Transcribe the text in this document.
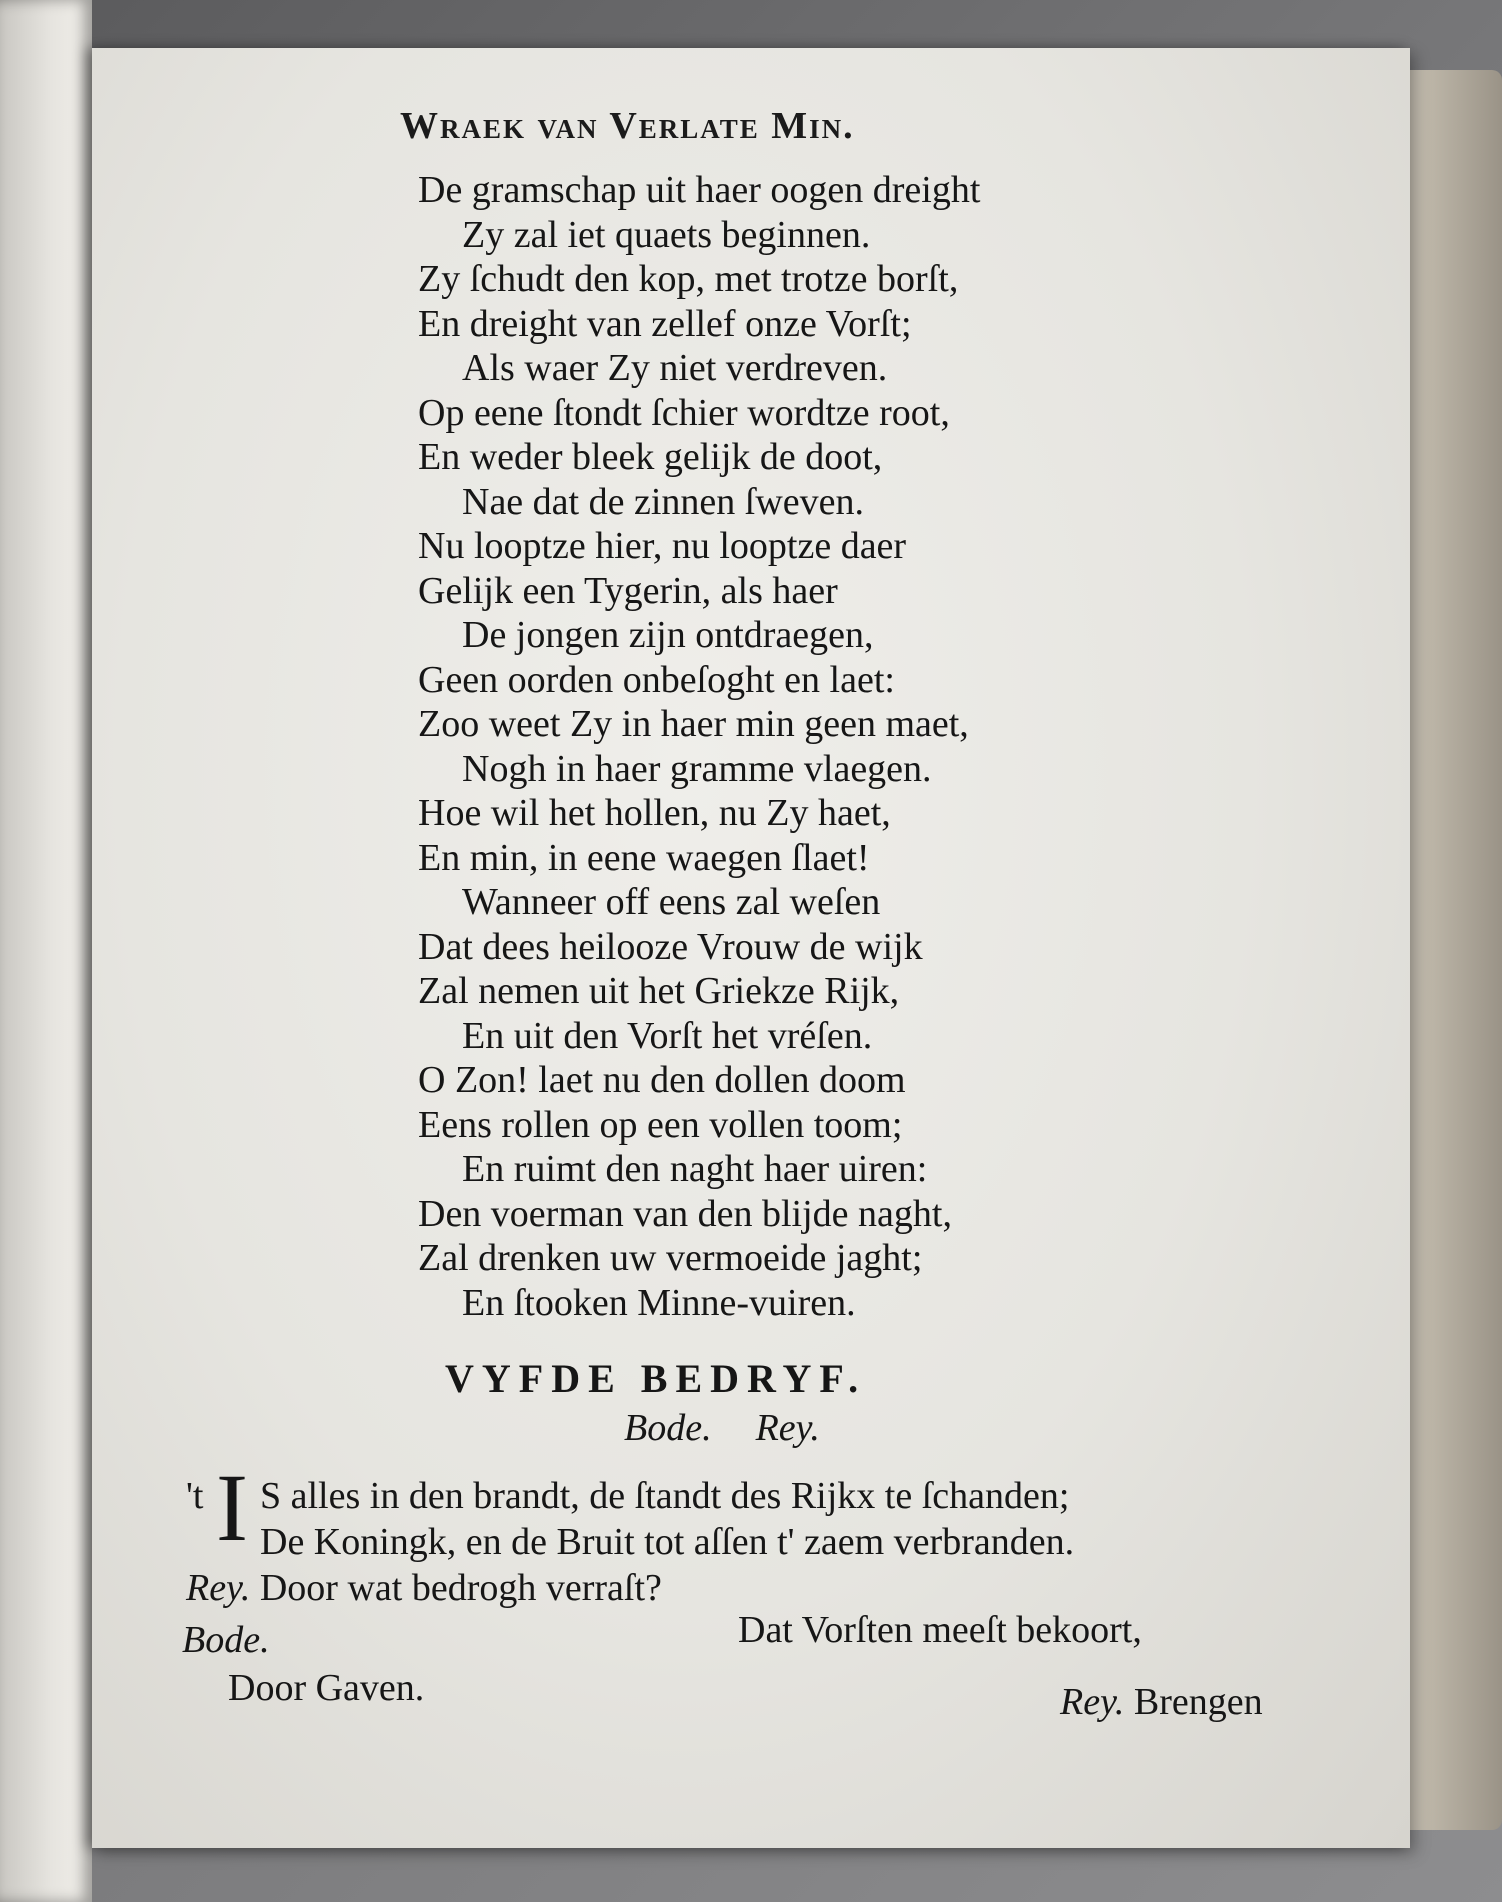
Wraek van Verlate Min.
De gramschap uit haer oogen dreight
Zy zal iet quaets beginnen.
Zy ſchudt den kop, met trotze borſt,
En dreight van zellef onze Vorſt;
Als waer Zy niet verdreven.
Op eene ſtondt ſchier wordtze root,
En weder bleek gelijk de doot,
Nae dat de zinnen ſweven.
Nu looptze hier, nu looptze daer
Gelijk een Tygerin, als haer
De jongen zijn ontdraegen,
Geen oorden onbeſoght en laet:
Zoo weet Zy in haer min geen maet,
Nogh in haer gramme vlaegen.
Hoe wil het hollen, nu Zy haet,
En min, in eene waegen ſlaet!
Wanneer off eens zal weſen
Dat dees heilooze Vrouw de wijk
Zal nemen uit het Griekze Rijk,
En uit den Vorſt het vréſen.
O Zon! laet nu den dollen doom
Eens rollen op een vollen toom;
En ruimt den naght haer uiren:
Den voerman van den blijde naght,
Zal drenken uw vermoeide jaght;
En ſtooken Minne-vuiren.
VYFDE BEDRYF.
Bode. Rey.
't I S alles in den brandt, de ſtandt des Rijkx te ſchanden;
De Koningk, en de Bruit tot aſſen t' zaem verbranden.
Rey. Door wat bedrogh verraſt?
Bode.	Dat Vorſten meeſt bekoort,
Door Gaven.	Rey. Brengen
